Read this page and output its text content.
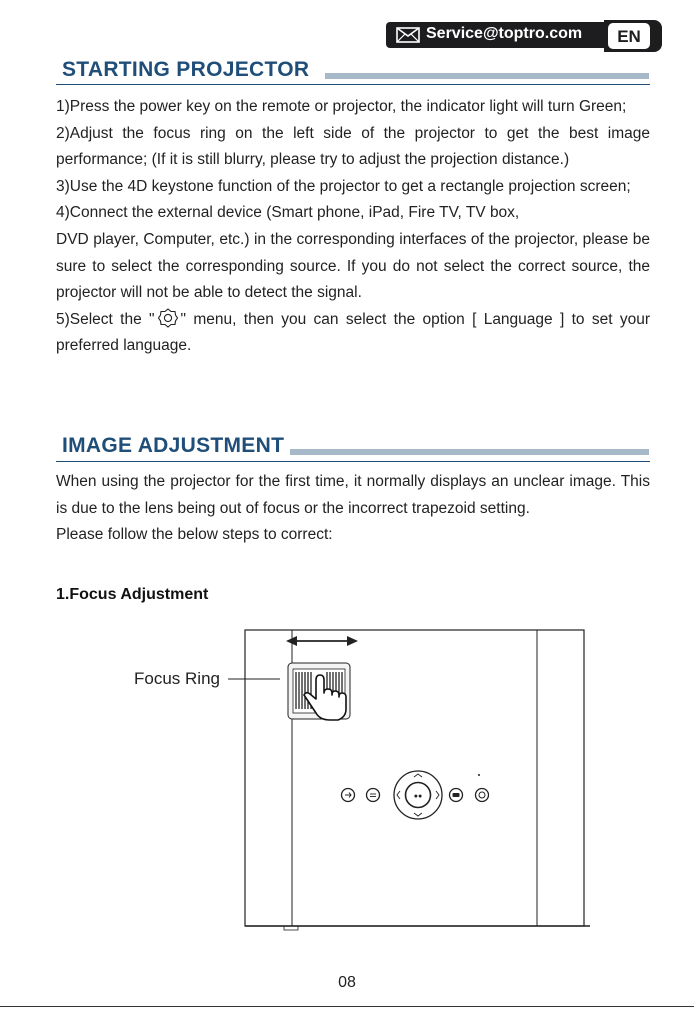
Service@toptro.com	EN
STARTING PROJECTOR

1)Press the power key on the remote or projector, the indicator light will turn Green;

2)Adjust the focus ring on the left side of the projector to get the best image performance; (If it is still blurry, please try to adjust the projection distance.)

3)Use the 4D keystone function of the projector to get a rectangle projection screen;

4)Connect the external device (Smart phone, iPad, Fire TV, TV box,

DVD player, Computer, etc.) in the corresponding interfaces of the projector, please be sure to select the corresponding source. If you do not select the correct source, the projector will not be able to detect the signal.

5)Select the " " menu, then you can select the option [ Language ] to set your preferred language.

IMAGE ADJUSTMENT

When using the projector for the first time, it normally displays an unclear image. This is due to the lens being out of focus or the incorrect trapezoid setting.

Please follow the below steps to correct:

1.Focus Adjustment
Focus Ring
●●
08
